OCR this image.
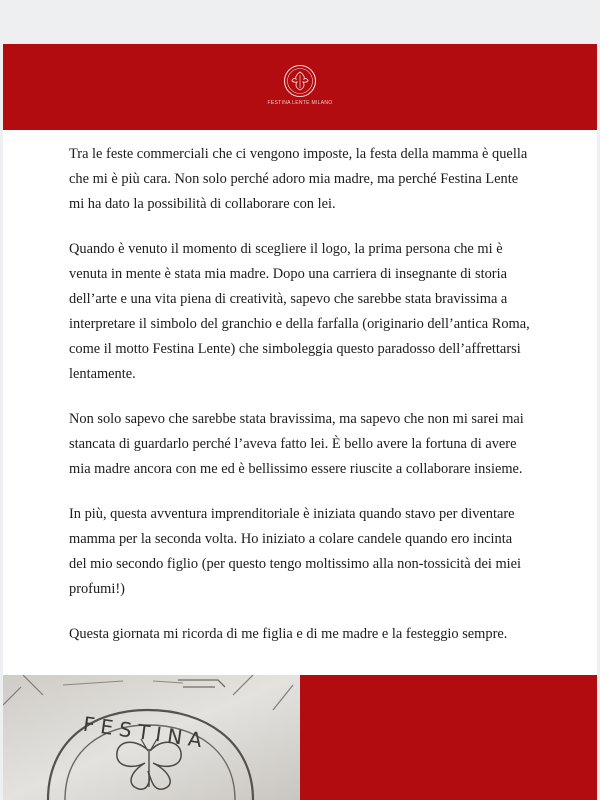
FESTINA LENTE MILANO

Tra le feste commerciali che ci vengono imposte, la festa della mamma è quella che mi è più cara. Non solo perché adoro mia madre, ma perché Festina Lente mi ha dato la possibilità di collaborare con lei.

Quando è venuto il momento di scegliere il logo, la prima persona che mi è venuta in mente è stata mia madre. Dopo una carriera di insegnante di storia dell’arte e una vita piena di creatività, sapevo che sarebbe stata bravissima a interpretare il simbolo del granchio e della farfalla (originario dell’antica Roma, come il motto Festina Lente) che simboleggia questo paradosso dell’affrettarsi lentamente.

Non solo sapevo che sarebbe stata bravissima, ma sapevo che non mi sarei mai stancata di guardarlo perché l’aveva fatto lei. È bello avere la fortuna di avere mia madre ancora con me ed è bellissimo essere riuscite a collaborare insieme.

In più, questa avventura imprenditoriale è iniziata quando stavo per diventare mamma per la seconda volta. Ho iniziato a colare candele quando ero incinta del mio secondo figlio (per questo tengo moltissimo alla non-tossicità dei miei profumi!)

Questa giornata mi ricorda di me figlia e di me madre e la festeggio sempre.

FESTINA
